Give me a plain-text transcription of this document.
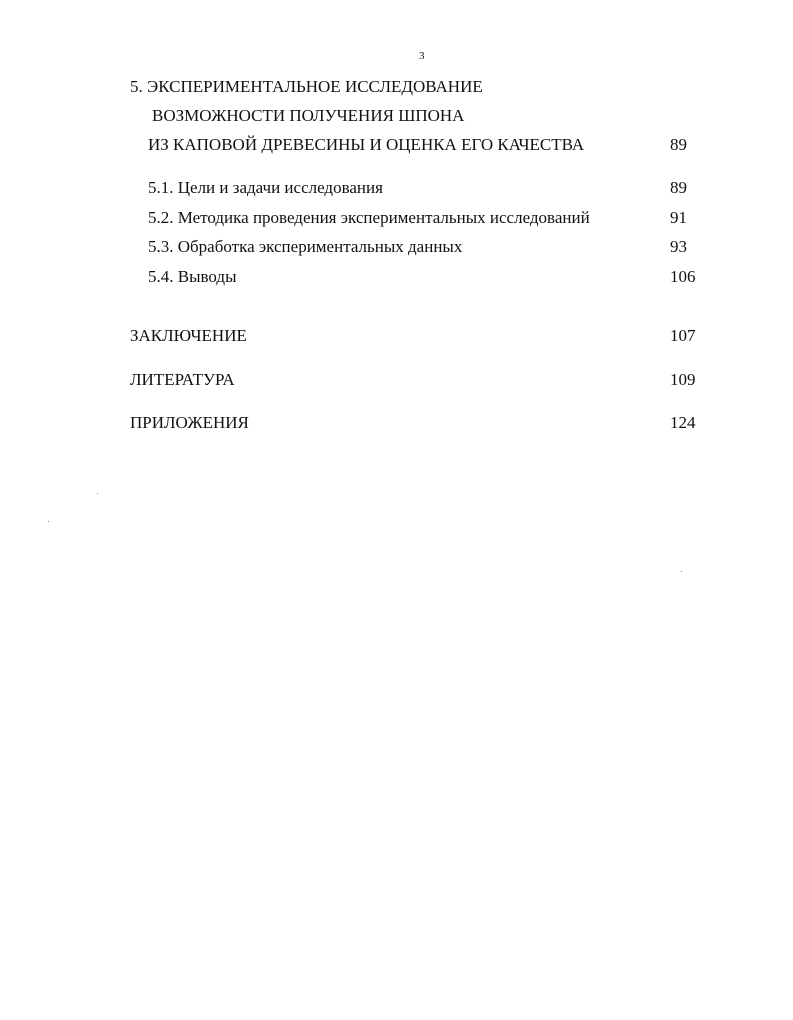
3
5. ЭКСПЕРИМЕНТАЛЬНОЕ ИССЛЕДОВАНИЕ
ВОЗМОЖНОСТИ ПОЛУЧЕНИЯ ШПОНА
ИЗ КАПОВОЙ ДРЕВЕСИНЫ И ОЦЕНКА ЕГО КАЧЕСТВА	89
5.1. Цели и задачи исследования	89
5.2. Методика проведения экспериментальных исследований	91
5.3. Обработка экспериментальных данных	93
5.4. Выводы	106
ЗАКЛЮЧЕНИЕ	107
ЛИТЕРАТУРА	109
ПРИЛОЖЕНИЯ	124
